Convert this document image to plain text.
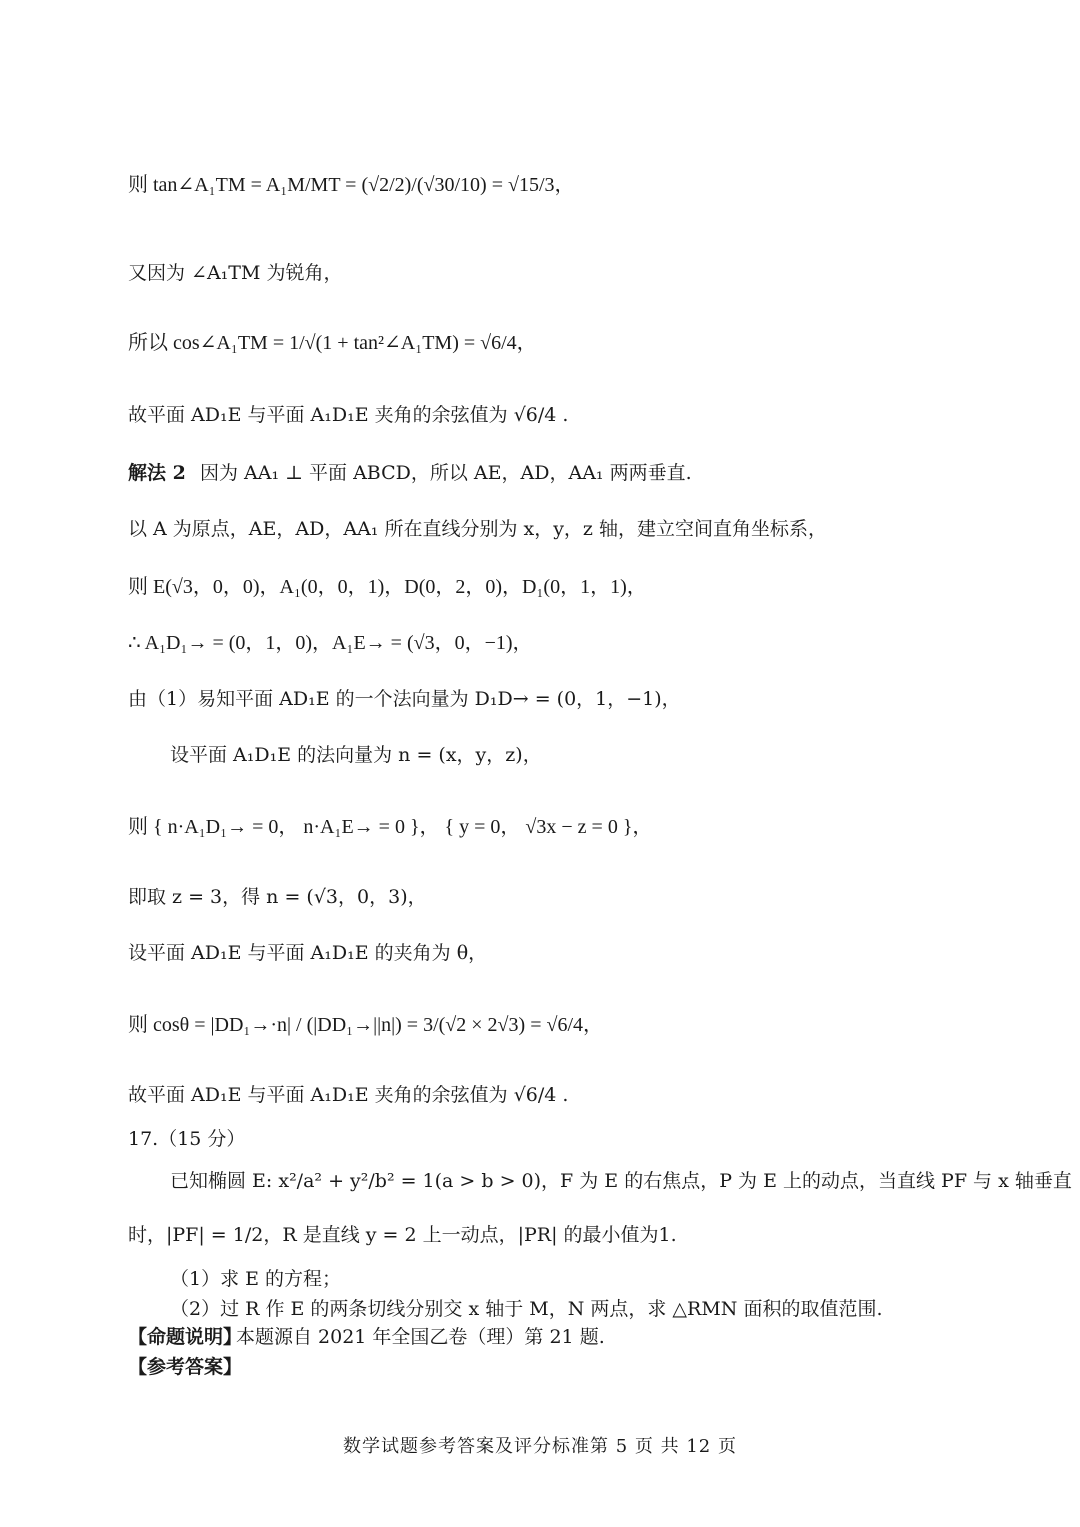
则 tan∠A₁TM = A₁M/MT = (√2/2)/(√30/10) = √15/3，
又因为 ∠A₁TM 为锐角，
所以 cos∠A₁TM = 1/√(1 + tan²∠A₁TM) = √6/4，
故平面 AD₁E 与平面 A₁D₁E 夹角的余弦值为 √6/4 .
解法 2 因为 AA₁ ⊥ 平面 ABCD，所以 AE，AD，AA₁ 两两垂直.
以 A 为原点，AE，AD，AA₁ 所在直线分别为 x，y，z 轴，建立空间直角坐标系，
则 E(√3，0，0)，A₁(0，0，1)，D(0，2，0)，D₁(0，1，1)，
∴ A₁D₁→ = (0，1，0)，A₁E→ = (√3，0，−1)，
由（1）易知平面 AD₁E 的一个法向量为 D₁D→ = (0，1，−1)，
设平面 A₁D₁E 的法向量为 n = (x，y，z)，
则 { n·A₁D₁→ = 0， n·A₁E→ = 0 }， { y = 0， √3x − z = 0 }，
即取 z = 3，得 n = (√3，0，3)，
设平面 AD₁E 与平面 A₁D₁E 的夹角为 θ，
则 cosθ = |DD₁→·n| / (|DD₁→||n|) = 3/(√2 × 2√3) = √6/4，
故平面 AD₁E 与平面 A₁D₁E 夹角的余弦值为 √6/4 .
17.（15 分）
已知椭圆 E: x²/a² + y²/b² = 1(a > b > 0)，F 为 E 的右焦点，P 为 E 上的动点，当直线 PF 与 x 轴垂直
时，|PF| = 1/2，R 是直线 y = 2 上一动点，|PR| 的最小值为1.
（1）求 E 的方程；
（2）过 R 作 E 的两条切线分别交 x 轴于 M，N 两点，求 △RMN 面积的取值范围.
【命题说明】
本题源自 2021 年全国乙卷（理）第 21 题.
【参考答案】
数学试题参考答案及评分标准第 5 页 共 12 页
